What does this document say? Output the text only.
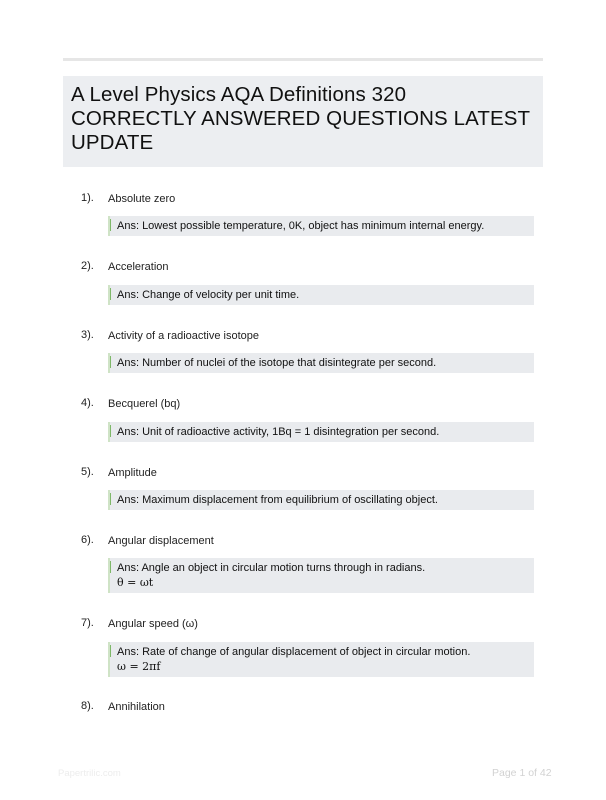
A Level Physics AQA Definitions 320 CORRECTLY ANSWERED QUESTIONS LATEST UPDATE
1). Absolute zero
Ans: Lowest possible temperature, 0K, object has minimum internal energy.
2). Acceleration
Ans: Change of velocity per unit time.
3). Activity of a radioactive isotope
Ans: Number of nuclei of the isotope that disintegrate per second.
4). Becquerel (bq)
Ans: Unit of radioactive activity, 1Bq = 1 disintegration per second.
5). Amplitude
Ans: Maximum displacement from equilibrium of oscillating object.
6). Angular displacement
Ans: Angle an object in circular motion turns through in radians.
θ = ωt
7). Angular speed (ω)
Ans: Rate of change of angular displacement of object in circular motion.
ω = 2πf
8). Annihilation
Papertrilic.com	Page 1 of 42
